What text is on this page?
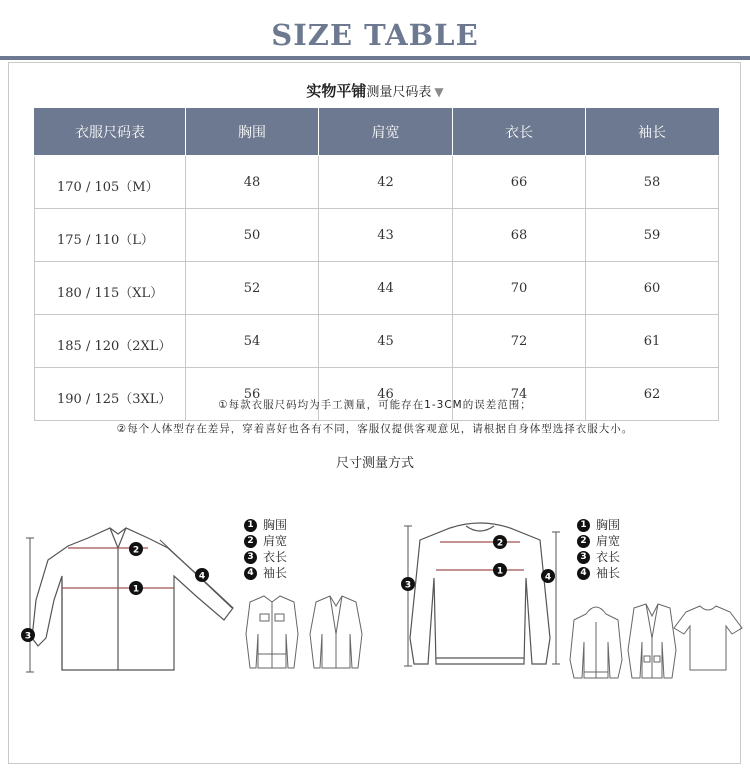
SIZE TABLE
实物平铺测量尺码表 ▼
衣服尺码表	胸围	肩宽	衣长	袖长
170 / 105（M）	48	42	66	58
175 / 110（L）	50	43	68	59
180 / 115（XL）	52	44	70	60
185 / 120（2XL）	54	45	72	61
190 / 125（3XL）	56	46	74	62
①每款衣服尺码均为手工测量，可能存在1-3CM的误差范围；
②每个人体型存在差异，穿着喜好也各有不同，客服仅提供客观意见，请根据自身体型选择衣服大小。
尺寸测量方式
2
1
4
3
1 胸围
2 肩宽
3 衣长
4 袖长
2
1
3
4
1 胸围
2 肩宽
3 衣长
4 袖长
